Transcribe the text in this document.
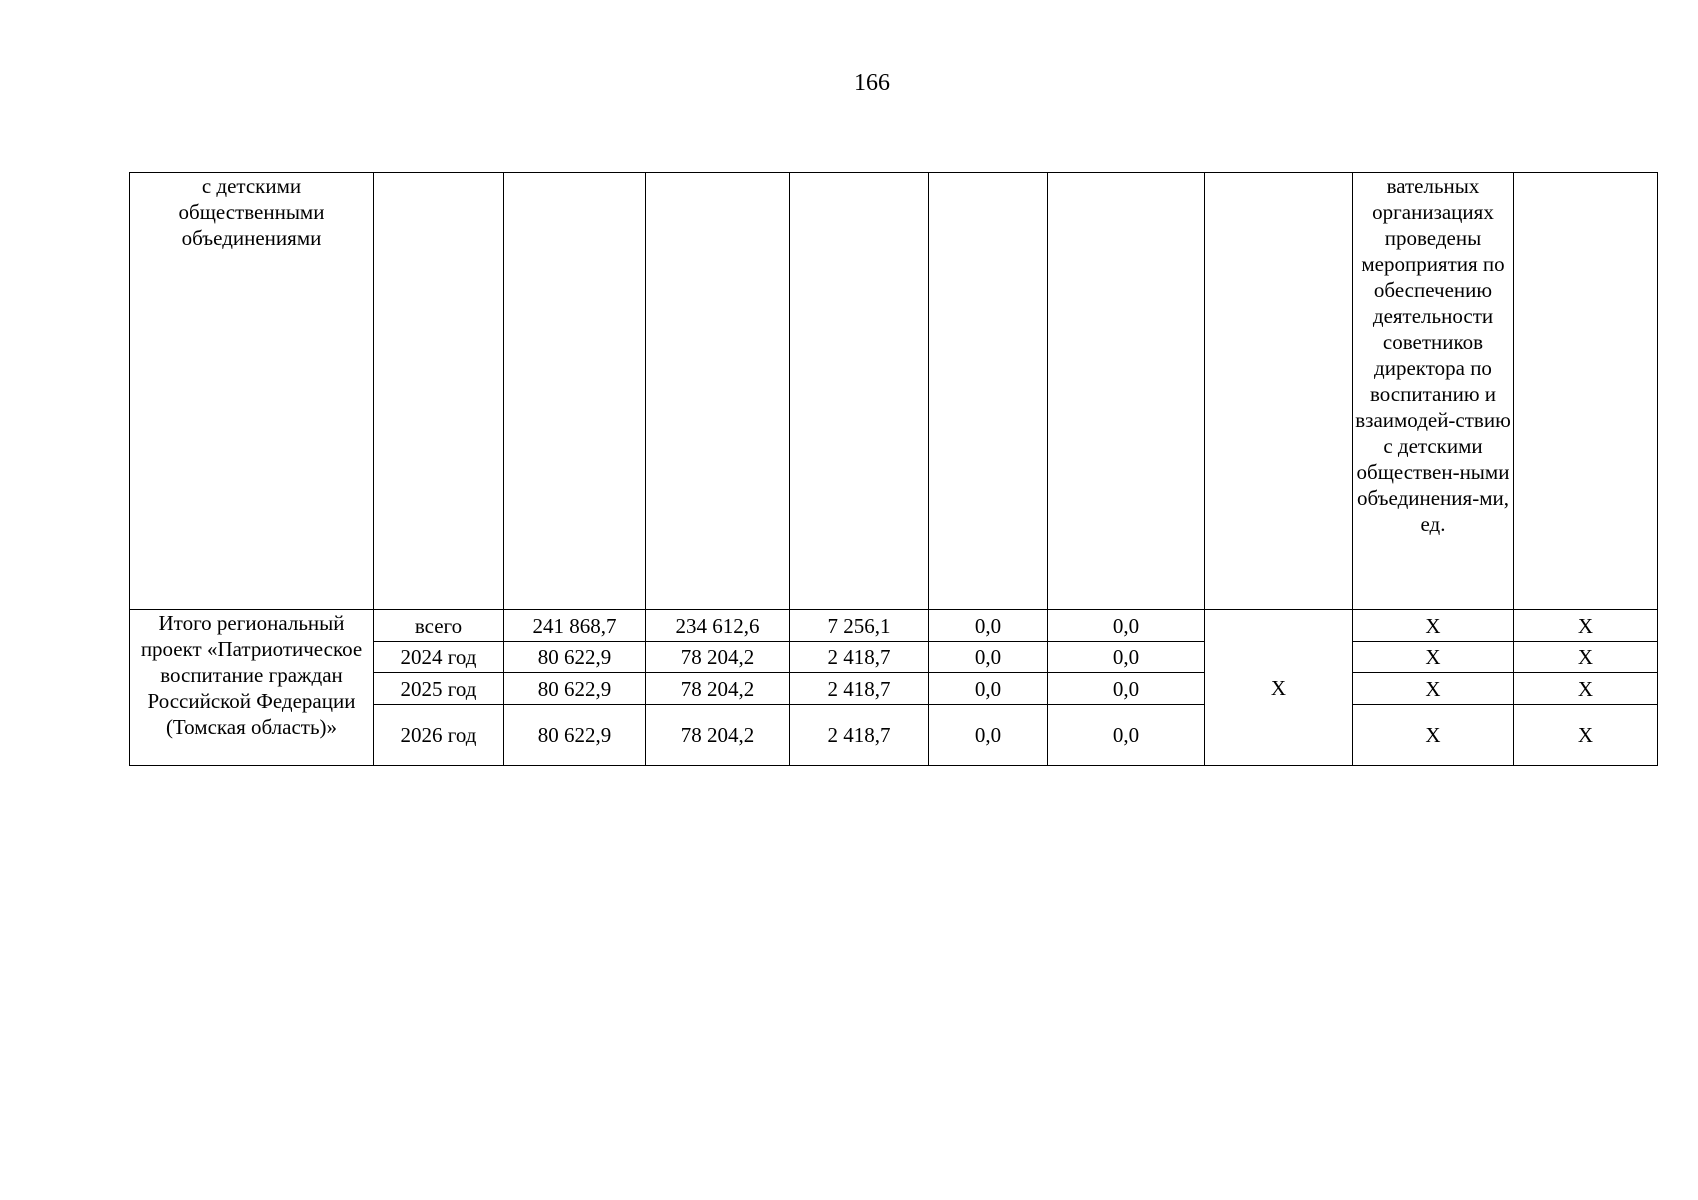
166
с детскими общественными объединениями								вательных организациях проведены мероприятия по обеспечению деятельности советников директора по воспитанию и взаимодей-ствию с детскими обществен-ными объединения-ми, ед.	
Итого региональный проект «Патриотическое воспитание граждан Российской Федерации (Томская область)»	всего	241 868,7	234 612,6	7 256,1	0,0	0,0	Х	Х	Х
	2024 год	80 622,9	78 204,2	2 418,7	0,0	0,0		Х	Х
	2025 год	80 622,9	78 204,2	2 418,7	0,0	0,0		Х	Х
	2026 год	80 622,9	78 204,2	2 418,7	0,0	0,0		Х	Х
